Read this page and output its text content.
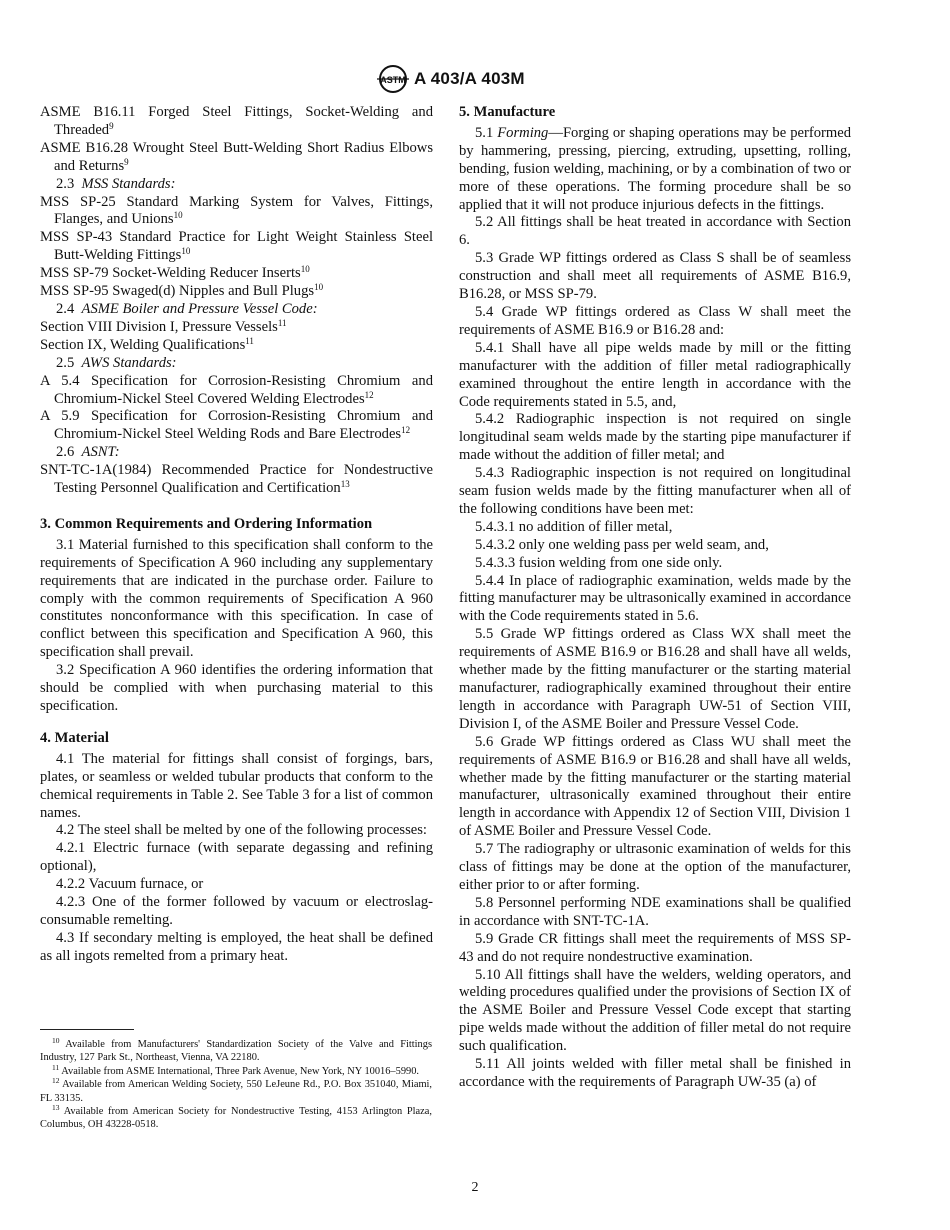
ASTM A 403/A 403M

ASME B16.11 Forged Steel Fittings, Socket-Welding and Threaded$^9$

ASME B16.28 Wrought Steel Butt-Welding Short Radius Elbows and Returns$^9$

2.3 MSS Standards:

MSS SP-25 Standard Marking System for Valves, Fittings, Flanges, and Unions$^{10}$

MSS SP-43 Standard Practice for Light Weight Stainless Steel Butt-Welding Fittings$^{10}$

MSS SP-79 Socket-Welding Reducer Inserts$^{10}$

MSS SP-95 Swaged(d) Nipples and Bull Plugs$^{10}$

2.4 ASME Boiler and Pressure Vessel Code:

Section VIII Division I, Pressure Vessels$^{11}$

Section IX, Welding Qualifications$^{11}$

2.5 AWS Standards:

A 5.4 Specification for Corrosion-Resisting Chromium and Chromium-Nickel Steel Covered Welding Electrodes$^{12}$

A 5.9 Specification for Corrosion-Resisting Chromium and Chromium-Nickel Steel Welding Rods and Bare Electrodes$^{12}$

2.6 ASNT:

SNT-TC-1A(1984) Recommended Practice for Nondestructive Testing Personnel Qualification and Certification$^{13}$

3. Common Requirements and Ordering Information

3.1 Material furnished to this specification shall conform to the requirements of Specification A 960 including any supplementary requirements that are indicated in the purchase order. Failure to comply with the common requirements of Specification A 960 constitutes nonconformance with this specification. In case of conflict between this specification and Specification A 960, this specification shall prevail.

3.2 Specification A 960 identifies the ordering information that should be complied with when purchasing material to this specification.

4. Material

4.1 The material for fittings shall consist of forgings, bars, plates, or seamless or welded tubular products that conform to the chemical requirements in Table 2. See Table 3 for a list of common names.

4.2 The steel shall be melted by one of the following processes:

4.2.1 Electric furnace (with separate degassing and refining optional),

4.2.2 Vacuum furnace, or

4.2.3 One of the former followed by vacuum or electroslag-consumable remelting.

4.3 If secondary melting is employed, the heat shall be defined as all ingots remelted from a primary heat.

$^{10}$ Available from Manufacturers' Standardization Society of the Valve and Fittings Industry, 127 Park St., Northeast, Vienna, VA 22180.

$^{11}$ Available from ASME International, Three Park Avenue, New York, NY 10016–5990.

$^{12}$ Available from American Welding Society, 550 LeJeune Rd., P.O. Box 351040, Miami, FL 33135.

$^{13}$ Available from American Society for Nondestructive Testing, 4153 Arlington Plaza, Columbus, OH 43228-0518.

5. Manufacture

5.1 Forming—Forging or shaping operations may be performed by hammering, pressing, piercing, extruding, upsetting, rolling, bending, fusion welding, machining, or by a combination of two or more of these operations. The forming procedure shall be so applied that it will not produce injurious defects in the fittings.

5.2 All fittings shall be heat treated in accordance with Section 6.

5.3 Grade WP fittings ordered as Class S shall be of seamless construction and shall meet all requirements of ASME B16.9, B16.28, or MSS SP-79.

5.4 Grade WP fittings ordered as Class W shall meet the requirements of ASME B16.9 or B16.28 and:

5.4.1 Shall have all pipe welds made by mill or the fitting manufacturer with the addition of filler metal radiographically examined throughout the entire length in accordance with the Code requirements stated in 5.5, and,

5.4.2 Radiographic inspection is not required on single longitudinal seam welds made by the starting pipe manufacturer if made without the addition of filler metal; and

5.4.3 Radiographic inspection is not required on longitudinal seam fusion welds made by the fitting manufacturer when all of the following conditions have been met:

5.4.3.1 no addition of filler metal,

5.4.3.2 only one welding pass per weld seam, and,

5.4.3.3 fusion welding from one side only.

5.4.4 In place of radiographic examination, welds made by the fitting manufacturer may be ultrasonically examined in accordance with the Code requirements stated in 5.6.

5.5 Grade WP fittings ordered as Class WX shall meet the requirements of ASME B16.9 or B16.28 and shall have all welds, whether made by the fitting manufacturer or the starting material manufacturer, radiographically examined throughout their entire length in accordance with Paragraph UW-51 of Section VIII, Division I, of the ASME Boiler and Pressure Vessel Code.

5.6 Grade WP fittings ordered as Class WU shall meet the requirements of ASME B16.9 or B16.28 and shall have all welds, whether made by the fitting manufacturer or the starting material manufacturer, ultrasonically examined throughout their entire length in accordance with Appendix 12 of Section VIII, Division 1 of ASME Boiler and Pressure Vessel Code.

5.7 The radiography or ultrasonic examination of welds for this class of fittings may be done at the option of the manufacturer, either prior to or after forming.

5.8 Personnel performing NDE examinations shall be qualified in accordance with SNT-TC-1A.

5.9 Grade CR fittings shall meet the requirements of MSS SP-43 and do not require nondestructive examination.

5.10 All fittings shall have the welders, welding operators, and welding procedures qualified under the provisions of Section IX of the ASME Boiler and Pressure Vessel Code except that starting pipe welds made without the addition of filler metal do not require such qualification.

5.11 All joints welded with filler metal shall be finished in accordance with the requirements of Paragraph UW-35 (a) of

2
